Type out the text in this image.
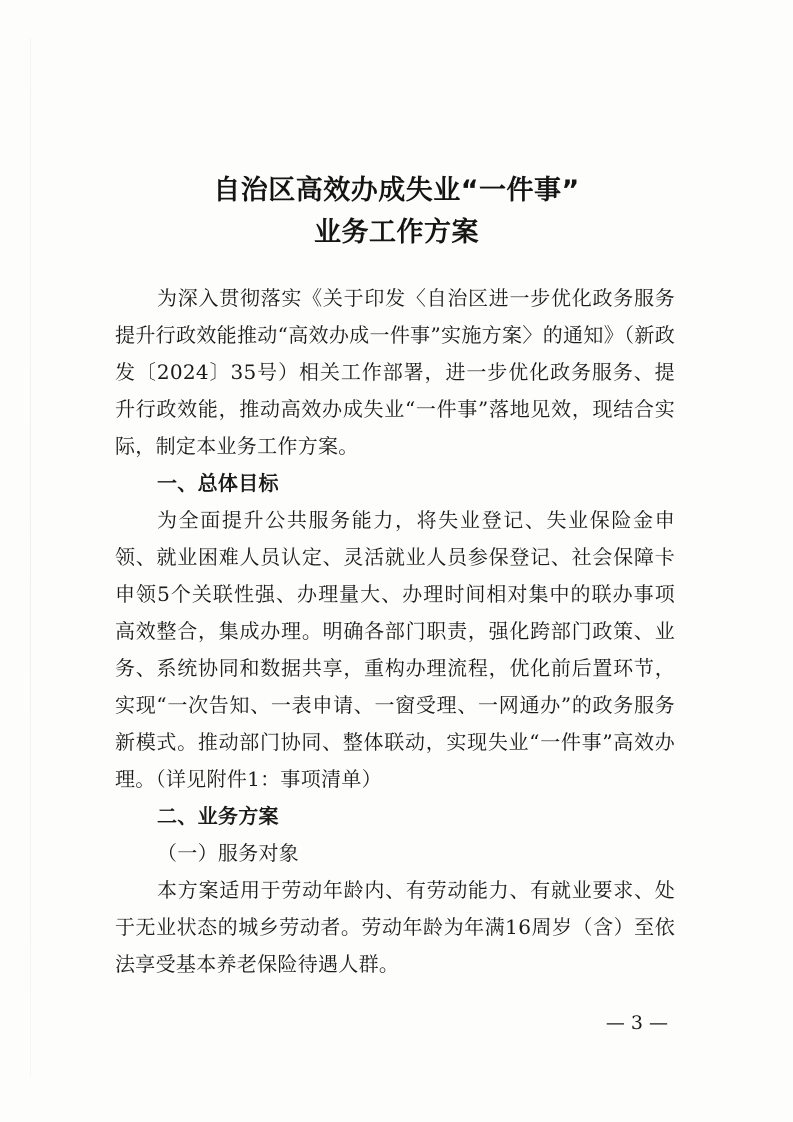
自治区高效办成失业“一件事”
业务工作方案

为深入贯彻落实《关于印发〈自治区进一步优化政务服务提升行政效能推动“高效办成一件事”实施方案〉的通知》（新政发〔2024〕35号）相关工作部署，进一步优化政务服务、提升行政效能，推动高效办成失业“一件事”落地见效，现结合实际，制定本业务工作方案。

一、总体目标

为全面提升公共服务能力，将失业登记、失业保险金申领、就业困难人员认定、灵活就业人员参保登记、社会保障卡申领5个关联性强、办理量大、办理时间相对集中的联办事项高效整合，集成办理。明确各部门职责，强化跨部门政策、业务、系统协同和数据共享，重构办理流程，优化前后置环节，实现“一次告知、一表申请、一窗受理、一网通办”的政务服务新模式。推动部门协同、整体联动，实现失业“一件事”高效办理。（详见附件1：事项清单）

二、业务方案
（一）服务对象

本方案适用于劳动年龄内、有劳动能力、有就业要求、处于无业状态的城乡劳动者。劳动年龄为年满16周岁（含）至依法享受基本养老保险待遇人群。

— 3 —
